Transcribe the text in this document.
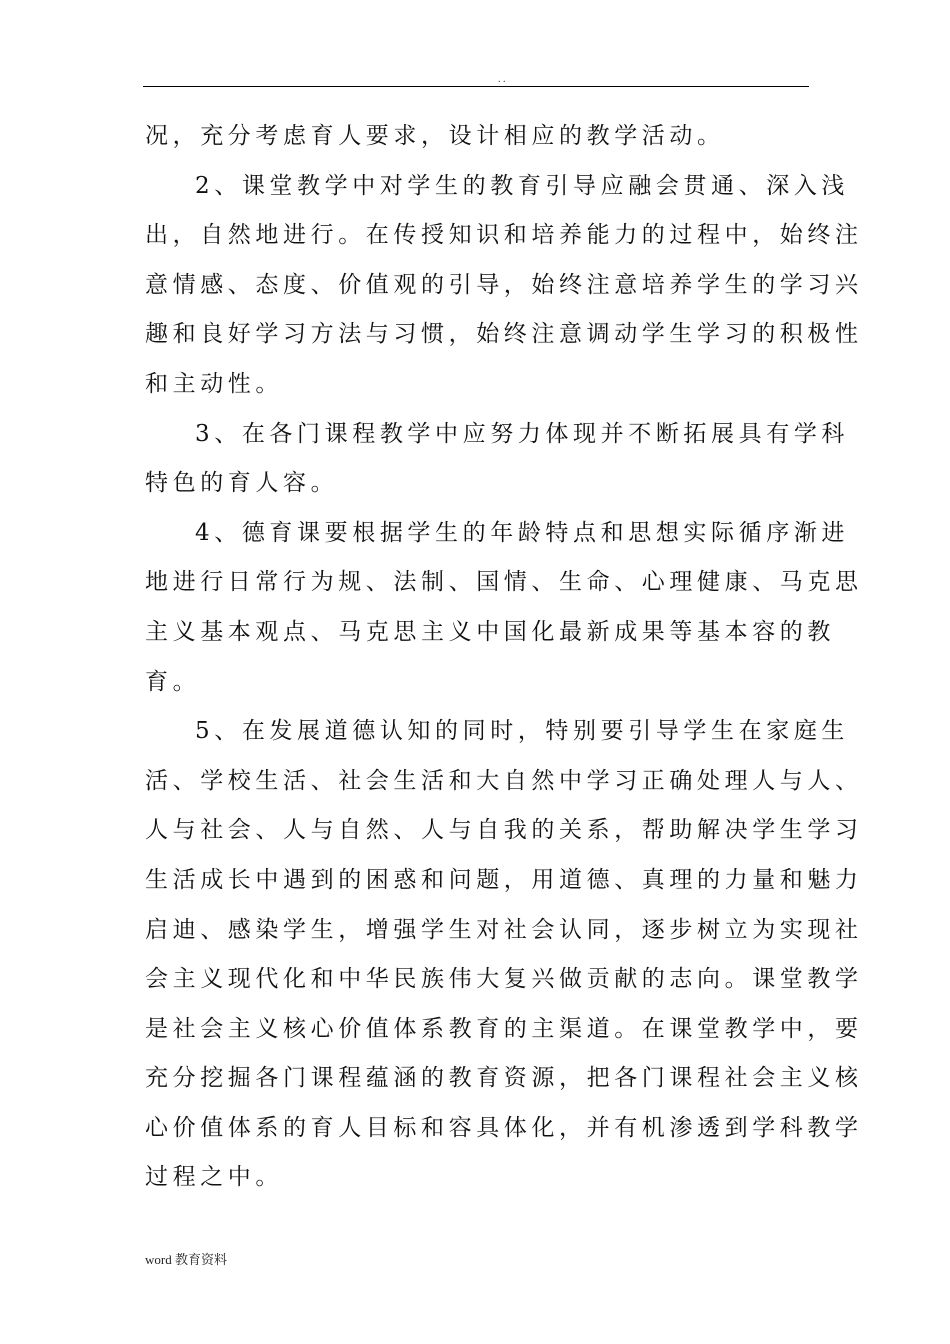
. .
况，充分考虑育人要求，设计相应的教学活动。
2、课堂教学中对学生的教育引导应融会贯通、深入浅
出，自然地进行。在传授知识和培养能力的过程中，始终注
意情感、态度、价值观的引导，始终注意培养学生的学习兴
趣和良好学习方法与习惯，始终注意调动学生学习的积极性
和主动性。
3、在各门课程教学中应努力体现并不断拓展具有学科
特色的育人容。
4、德育课要根据学生的年龄特点和思想实际循序渐进
地进行日常行为规、法制、国情、生命、心理健康、马克思
主义基本观点、马克思主义中国化最新成果等基本容的教
育。
5、在发展道德认知的同时，特别要引导学生在家庭生
活、学校生活、社会生活和大自然中学习正确处理人与人、
人与社会、人与自然、人与自我的关系，帮助解决学生学习
生活成长中遇到的困惑和问题，用道德、真理的力量和魅力
启迪、感染学生，增强学生对社会认同，逐步树立为实现社
会主义现代化和中华民族伟大复兴做贡献的志向。课堂教学
是社会主义核心价值体系教育的主渠道。在课堂教学中，要
充分挖掘各门课程蕴涵的教育资源，把各门课程社会主义核
心价值体系的育人目标和容具体化，并有机渗透到学科教学
过程之中。
word 教育资料
